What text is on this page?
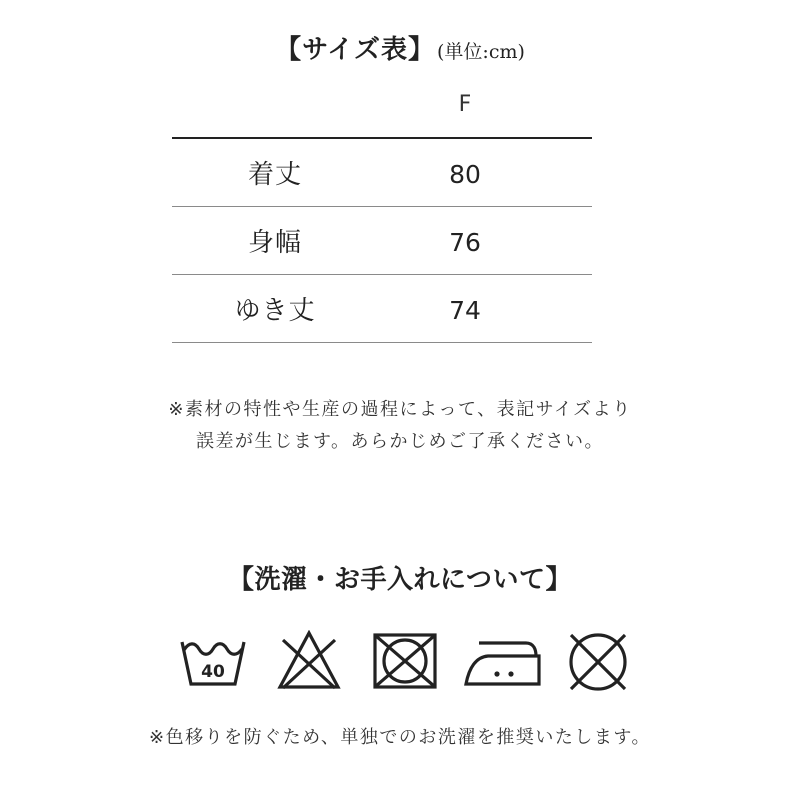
【サイズ表】 (単位:cm)
F
着丈	80
身幅	76
ゆき丈	74
※素材の特性や生産の過程によって、表記サイズより
誤差が生じます。あらかじめご了承ください。
【洗濯・お手入れについて】
40
※色移りを防ぐため、単独でのお洗濯を推奨いたします。
